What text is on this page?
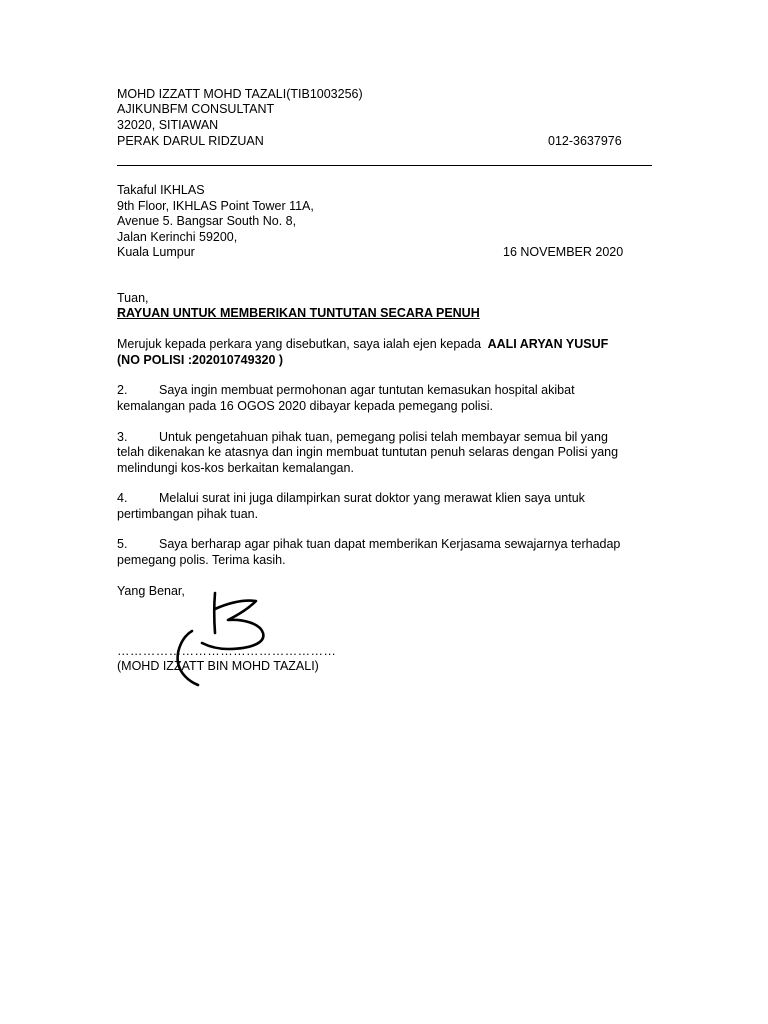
MOHD IZZATT MOHD TAZALI(TIB1003256)
AJIKUNBFM CONSULTANT
32020, SITIAWAN
PERAK DARUL RIDZUAN	012-3637976
Takaful IKHLAS
9th Floor, IKHLAS Point Tower 11A,
Avenue 5. Bangsar South No. 8,
Jalan Kerinchi 59200,
Kuala Lumpur	16 NOVEMBER 2020
Tuan,
RAYUAN UNTUK MEMBERIKAN TUNTUTAN SECARA PENUH
Merujuk kepada perkara yang disebutkan, saya ialah ejen kepada AALI ARYAN YUSUF
(NO POLISI :202010749320 )
2.	Saya ingin membuat permohonan agar tuntutan kemasukan hospital akibat
kemalangan pada 16 OGOS 2020 dibayar kepada pemegang polisi.
3.	Untuk pengetahuan pihak tuan, pemegang polisi telah membayar semua bil yang
telah dikenakan ke atasnya dan ingin membuat tuntutan penuh selaras dengan Polisi yang
melindungi kos-kos berkaitan kemalangan.
4.	Melalui surat ini juga dilampirkan surat doktor yang merawat klien saya untuk
pertimbangan pihak tuan.
5.	Saya berharap agar pihak tuan dapat memberikan Kerjasama sewajarnya terhadap
pemegang polis. Terima kasih.
Yang Benar,
……………………………………………
(MOHD IZZATT BIN MOHD TAZALI)
